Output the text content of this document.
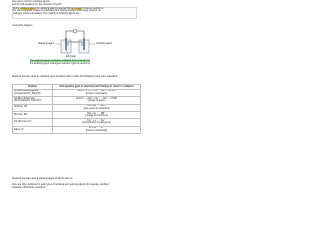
Give some common oxidising agents
and the half-equations for the reduction of each?
Define oxidising agent: An oxidising agent is species that is reduced. It has an electron in
the one compound. It takes on electrons from another species while being reduced. Its
oxidation number decreases. The majority of oxidising agents are...
Look at the diagram
Reducing agent	Oxidising agent
Electrode
The reducing agent undergoes oxidation (loss of electrons)
the oxidising agent undergoes reduction (gain of electrons)
Students that can name an oxidising agent should be able to state the following in their redox equations:
Oxidiser	Half-equation (gain of electrons) and changes in colour or oxidation
Acidified permanganate (manganate(VII), KMnO4)	MnO4⁻ + 8H⁺ + 5e⁻ → Mn²⁺ + 4H2O
(purple to colourless)

Acidified dichromate (dichromate(VI), K2Cr2O7)	Cr2O7²⁻ + 14H⁺ + 6e⁻ → 2Cr³⁺ + 7H2O
(orange to green)

Chlorine, Cl2	Cl2 + 2e⁻ → 2Cl⁻
(pale yellow to colourless)

Bromine, Br2	Br2 + 2e⁻ → 2Br⁻
(orange to colourless)

Iron(III) ions, Fe³⁺	Fe³⁺ + e⁻ → Fe²⁺
(yellow/brown to pale green)

Iodine, I2	I2 + 2e⁻ → 2I⁻
(brown to colourless)
Students that can name a reducing agent should be able to:
Give one other definition for each types of oxidising and reducing agents (for example, acidified
potassium dichromate reduction).
